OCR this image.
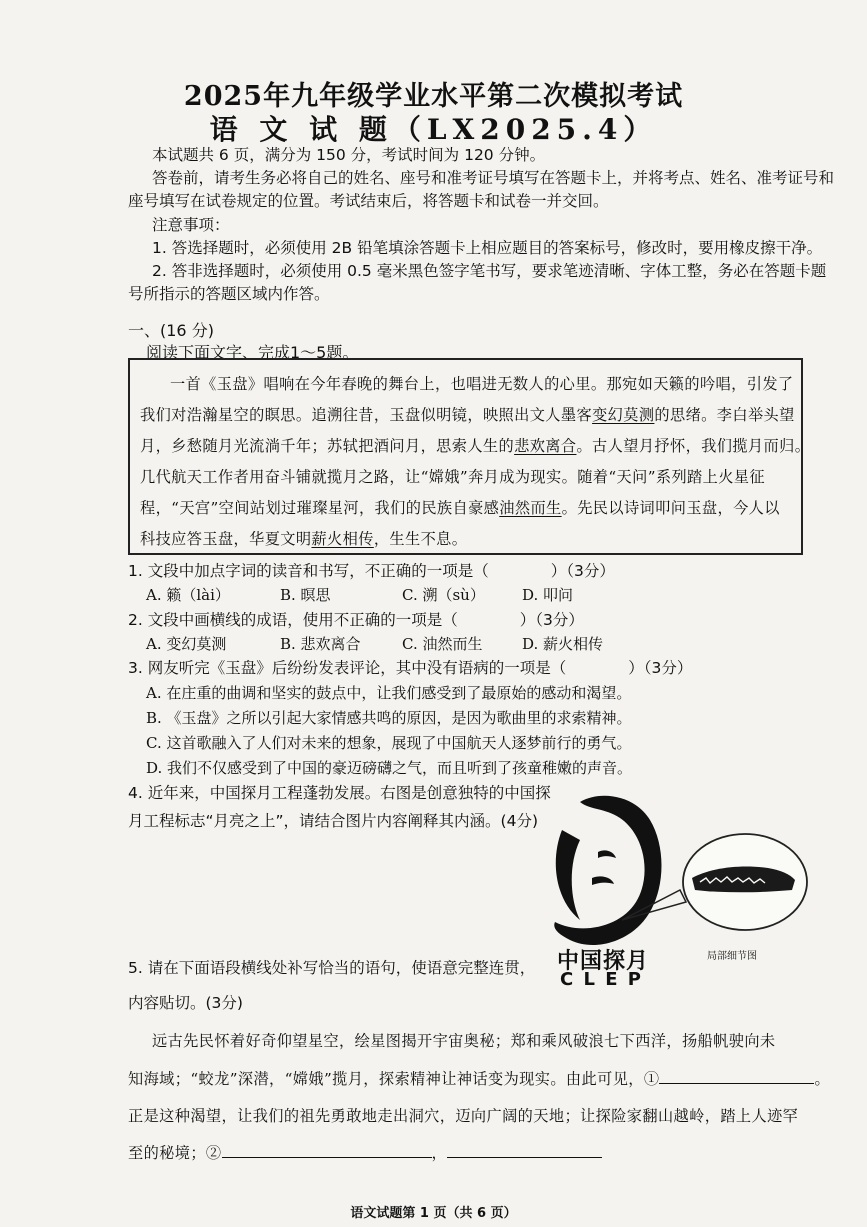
2025年九年级学业水平第二次模拟考试
语 文 试 题（LX2025.4）
本试题共 6 页，满分为 150 分，考试时间为 120 分钟。
答卷前，请考生务必将自己的姓名、座号和准考证号填写在答题卡上，并将考点、姓名、准考证号和
座号填写在试卷规定的位置。考试结束后，将答题卡和试卷一并交回。
注意事项：
1. 答选择题时，必须使用 2B 铅笔填涂答题卡上相应题目的答案标号，修改时，要用橡皮擦干净。
2. 答非选择题时，必须使用 0.5 毫米黑色签字笔书写，要求笔迹清晰、字体工整，务必在答题卡题
号所指示的答题区域内作答。
一、(16 分)
阅读下面文字、完成1～5题。
一首《玉盘》唱响在今年春晚的舞台上，也唱进无数人的心里。那宛如天籁的吟唱，引发了
我们对浩瀚星空的瞑思。追溯往昔，玉盘似明镜，映照出文人墨客变幻莫测的思绪。李白举头望
月，乡愁随月光流淌千年；苏轼把酒问月，思索人生的悲欢离合。古人望月抒怀，我们揽月而归。
几代航天工作者用奋斗铺就揽月之路，让“嫦娥”奔月成为现实。随着“天问”系列踏上火星征
程，“天宫”空间站划过璀璨星河，我们的民族自豪感油然而生。先民以诗词叩问玉盘，今人以
科技应答玉盘，华夏文明薪火相传，生生不息。
1. 文段中加点字词的读音和书写，不正确的一项是（　　　　）（3分）
A. 籁（lài）	B. 暝思	C. 溯（sù） D. 叩问
2. 文段中画横线的成语，使用不正确的一项是（　　　　）（3分）
A. 变幻莫测	B. 悲欢离合	C. 油然而生	D. 薪火相传
3. 网友听完《玉盘》后纷纷发表评论，其中没有语病的一项是（　　　　）（3分）
A. 在庄重的曲调和坚实的鼓点中，让我们感受到了最原始的感动和渴望。
B. 《玉盘》之所以引起大家情感共鸣的原因，是因为歌曲里的求索精神。
C. 这首歌融入了人们对未来的想象，展现了中国航天人逐梦前行的勇气。
D. 我们不仅感受到了中国的豪迈磅礴之气，而且听到了孩童稚嫩的声音。
4. 近年来，中国探月工程蓬勃发展。右图是创意独特的中国探
月工程标志“月亮之上”，请结合图片内容阐释其内涵。(4分)
中国探月
C L E P
局部细节图
5. 请在下面语段横线处补写恰当的语句，使语意完整连贯，
内容贴切。(3分)
远古先民怀着好奇仰望星空，绘星图揭开宇宙奥秘；郑和乘风破浪七下西洋，扬船帆驶向未
知海域；“蛟龙”深潜，“嫦娥”揽月，探索精神让神话变为现实。由此可见，①	。
正是这种渴望，让我们的祖先勇敢地走出洞穴，迈向广阔的天地；让探险家翻山越岭，踏上人迹罕
至的秘境；②	，
语文试题第 1 页（共 6 页）
